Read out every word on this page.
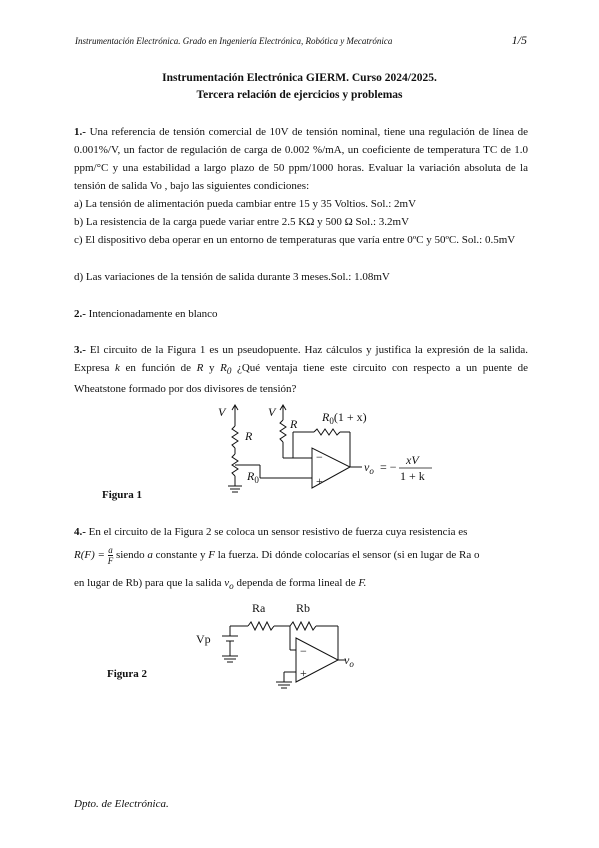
Instrumentación Electrónica. Grado en Ingeniería Electrónica, Robótica y Mecatrónica	1/5
Instrumentación Electrónica GIERM. Curso 2024/2025.
Tercera relación de ejercicios y problemas
1.- Una referencia de tensión comercial de 10V de tensión nominal, tiene una regulación de línea de 0.001%/V, un factor de regulación de carga de 0.002 %/mA, un coeficiente de temperatura TC de 1.0 ppm/°C y una estabilidad a largo plazo de 50 ppm/1000 horas. Evaluar la variación absoluta de la tensión de salida Vo , bajo las siguientes condiciones:
a) La tensión de alimentación pueda cambiar entre 15 y 35 Voltios. Sol.: 2mV
b) La resistencia de la carga puede variar entre 2.5 KΩ y 500 Ω Sol.: 3.2mV
c) El dispositivo deba operar en un entorno de temperaturas que varía entre 0ºC y 50ºC. Sol.: 0.5mV
d) Las variaciones de la tensión de salida durante 3 meses.Sol.: 1.08mV
2.- Intencionadamente en blanco
3.- El circuito de la Figura 1 es un pseudopuente. Haz cálculos y justifica la expresión de la salida. Expresa k en función de R y $R_0$ ¿Qué ventaja tiene este circuito con respecto a un puente de Wheatstone formado por dos divisores de tensión?
V	V
R
R
$R_0$
$R_0(1 + x)$
−
+
$v_o$ = − xV
1 + k
Figura 1
4.- En el circuito de la Figura 2 se coloca un sensor resistivo de fuerza cuya resistencia es
$R(F) = \frac{a}{F}$ siendo a constante y F la fuerza. Di dónde colocarías el sensor (si en lugar de Ra o
en lugar de Rb) para que la salida $v_o$ dependa de forma lineal de F.
Vp
Ra	Rb
−
+
$v_o$
Figura 2
Dpto. de Electrónica.
